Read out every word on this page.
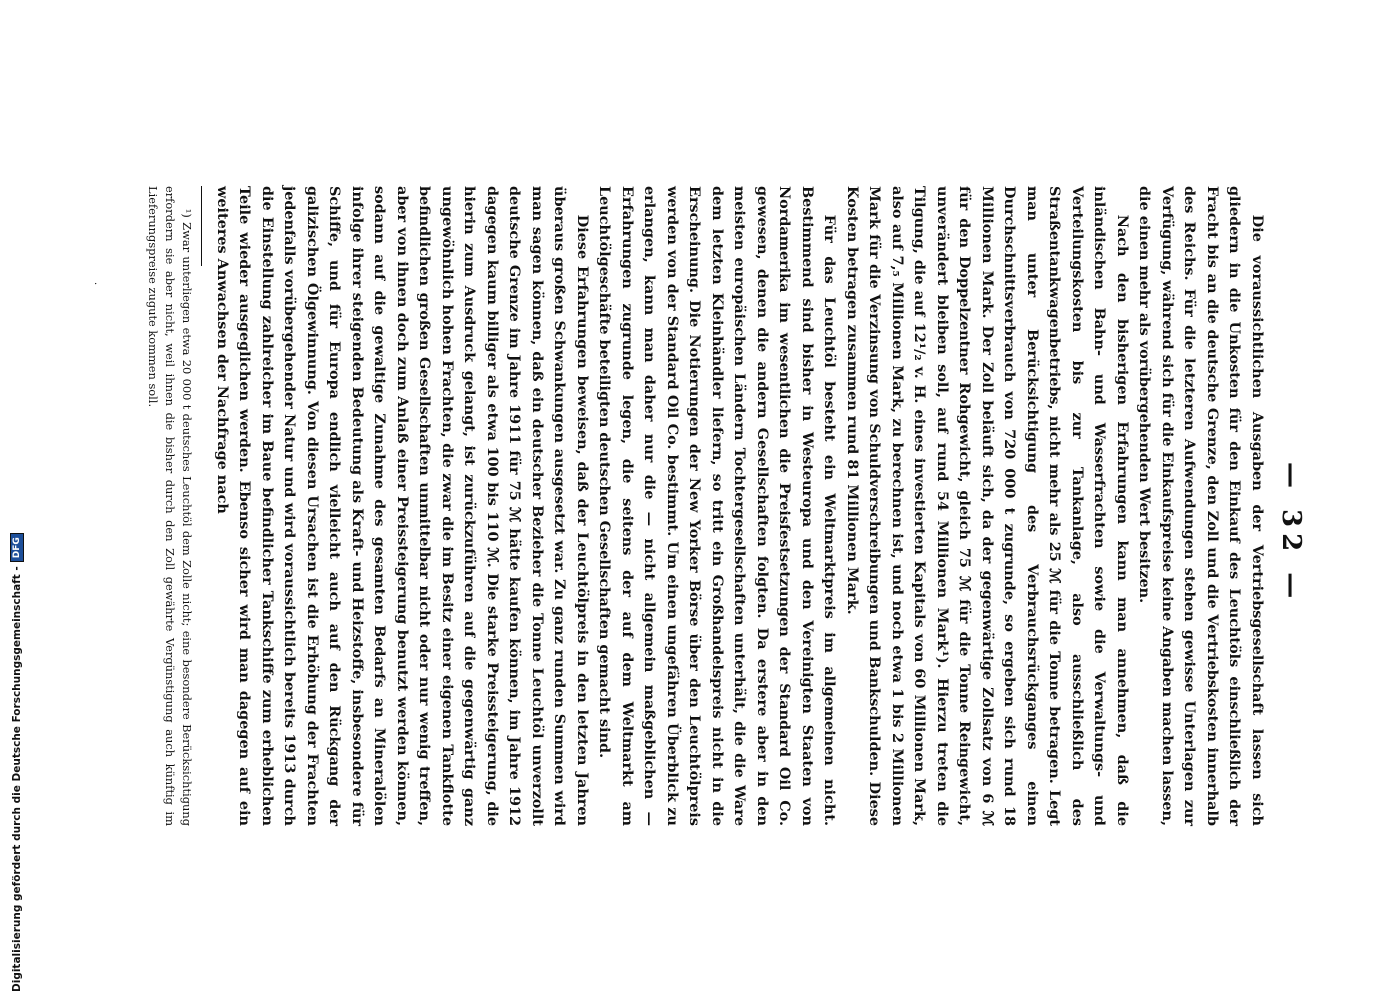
— 32 —

Die voraussichtlichen Ausgaben der Vertriebsgesellschaft lassen sich gliedern in die Unkosten für den Einkauf des Leuchtöls einschließlich der Fracht bis an die deutsche Grenze, den Zoll und die Vertriebskosten innerhalb des Reichs. Für die letzteren Aufwendungen stehen gewisse Unterlagen zur Verfügung, während sich für die Einkaufspreise keine Angaben machen lassen, die einen mehr als vorübergehenden Wert besitzen.

Nach den bisherigen Erfahrungen kann man annehmen, daß die inländischen Bahn- und Wasserfrachten sowie die Verwaltungs- und Verteilungskosten bis zur Tankanlage, also ausschließlich des Straßentankwagenbetriebs, nicht mehr als 25 ℳ für die Tonne betragen. Legt man unter Berücksichtigung des Verbrauchsrückganges einen Durchschnittsverbrauch von 720 000 t zugrunde, so ergeben sich rund 18 Millionen Mark. Der Zoll beläuft sich, da der gegenwärtige Zollsatz von 6 ℳ für den Doppelzentner Rohgewicht, gleich 75 ℳ für die Tonne Reingewicht, unverändert bleiben soll, auf rund 54 Millionen Mark¹). Hierzu treten die Tilgung, die auf 12¹/₂ v. H. eines investierten Kapitals von 60 Millionen Mark, also auf 7,₅ Millionen Mark, zu berechnen ist, und noch etwa 1 bis 2 Millionen Mark für die Verzinsung von Schuldverschreibungen und Bankschulden. Diese Kosten betragen zusammen rund 81 Millionen Mark.

Für das Leuchtöl besteht ein Weltmarktpreis im allgemeinen nicht. Bestimmend sind bisher in Westeuropa und den Vereinigten Staaten von Nordamerika im wesentlichen die Preisfestsetzungen der Standard Oil Co. gewesen, denen die andern Gesellschaften folgten. Da erstere aber in den meisten europäischen Ländern Tochtergesellschaften unterhält, die die Ware dem letzten Kleinhändler liefern, so tritt ein Großhandelspreis nicht in die Erscheinung. Die Notierungen der New Yorker Börse über den Leuchtölpreis werden von der Standard Oil Co. bestimmt. Um einen ungefähren Überblick zu erlangen, kann man daher nur die — nicht allgemein maßgeblichen — Erfahrungen zugrunde legen, die seitens der auf dem Weltmarkt am Leuchtölgeschäfte beteiligten deutschen Gesellschaften gemacht sind.

Diese Erfahrungen beweisen, daß der Leuchtölpreis in den letzten Jahren überaus großen Schwankungen ausgesetzt war. Zu ganz runden Summen wird man sagen können, daß ein deutscher Bezieher die Tonne Leuchtöl unverzollt deutsche Grenze im Jahre 1911 für 75 ℳ hätte kaufen können, im Jahre 1912 dagegen kaum billiger als etwa 100 bis 110 ℳ. Die starke Preissteigerung, die hierin zum Ausdruck gelangt, ist zurückzuführen auf die gegenwärtig ganz ungewöhnlich hohen Frachten, die zwar die im Besitz einer eigenen Tankflotte befindlichen großen Gesellschaften unmittelbar nicht oder nur wenig treffen, aber von ihnen doch zum Anlaß einer Preissteigerung benutzt werden können, sodann auf die gewaltige Zunahme des gesamten Bedarfs an Mineralölen infolge ihrer steigenden Bedeutung als Kraft- und Heizstoffe, insbesondere für Schiffe, und für Europa endlich vielleicht auch auf den Rückgang der galizischen Ölgewinnung. Von diesen Ursachen ist die Erhöhung der Frachten jedenfalls vorübergehender Natur und wird voraussichtlich bereits 1913 durch die Einstellung zahlreicher im Baue befindlicher Tankschiffe zum erheblichen Teile wieder ausgeglichen werden. Ebenso sicher wird man dagegen auf ein weiteres Anwachsen der Nachfrage nach

¹) Zwar unterliegen etwa 20 000 t deutsches Leuchtöl dem Zolle nicht; eine besondere Berücksichtigung erfordern sie aber nicht, weil ihnen die bisher durch den Zoll gewährte Vergünstigung auch künftig im Lieferungspreise zugute kommen soll.

·
Digitalisierung gefördert durch die Deutsche Forschungsgemeinschaft -
DFG
